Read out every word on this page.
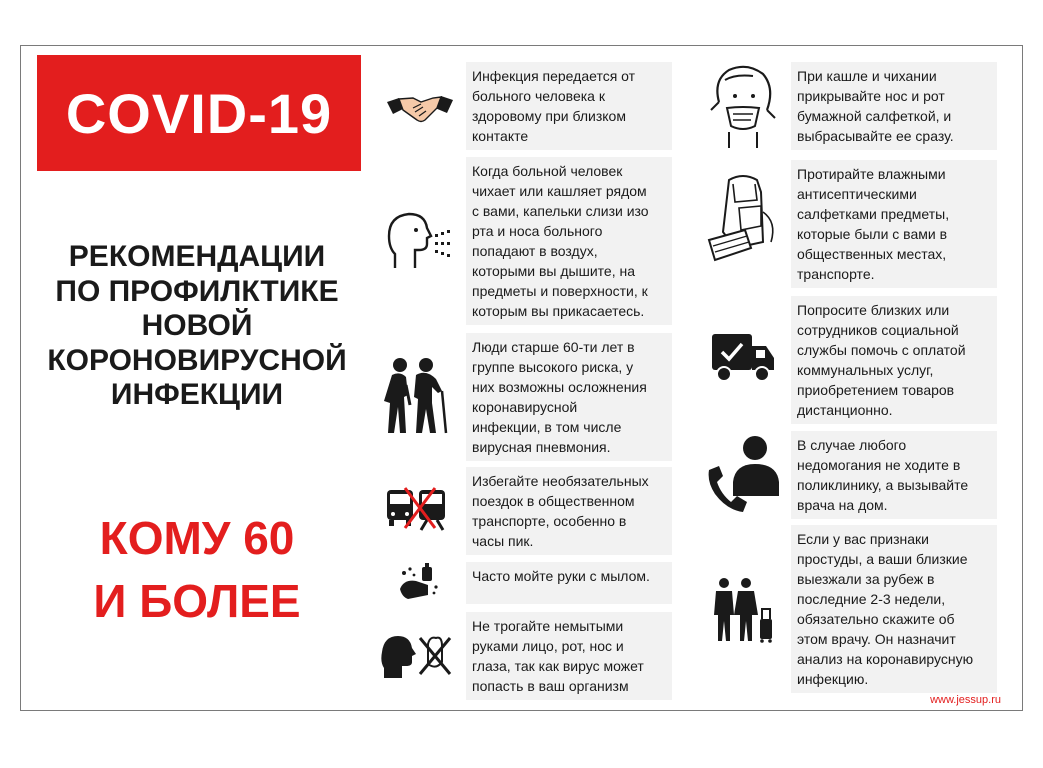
COVID-19
РЕКОМЕНДАЦИИ
ПО ПРОФИЛКТИКЕ
НОВОЙ
КОРОНОВИРУСНОЙ
ИНФЕКЦИИ
КОМУ 60
И БОЛЕЕ
Инфекция передается от
больного человека к
здоровому при близком
контакте
Когда больной человек
чихает или кашляет рядом
с вами, капельки слизи изо
рта и носа больного
попадают в воздух,
которыми вы дышите, на
предметы и поверхности, к
которым вы прикасаетесь.
Люди старше 60-ти лет в
группе высокого риска, у
них возможны осложнения
коронавирусной
инфекции, в том числе
вирусная пневмония.
Избегайте необязательных
поездок в общественном
транспорте, особенно в
часы пик.
Часто мойте руки с мылом.
Не трогайте немытыми
руками лицо, рот, нос и
глаза, так как вирус может
попасть в ваш организм
При кашле и чихании
прикрывайте нос и рот
бумажной салфеткой, и
выбрасывайте ее сразу.
Протирайте влажными
антисептическими
салфетками предметы,
которые были с вами в
общественных местах,
транспорте.
Попросите близких или
сотрудников социальной
службы помочь с оплатой
коммунальных услуг,
приобретением товаров
дистанционно.
В случае любого
недомогания не ходите в
поликлинику, а вызывайте
врача на дом.
Если у вас признаки
простуды, а ваши близкие
выезжали за рубеж в
последние 2-3 недели,
обязательно скажите об
этом врачу. Он назначит
анализ на коронавирусную
инфекцию.
www.jessup.ru
